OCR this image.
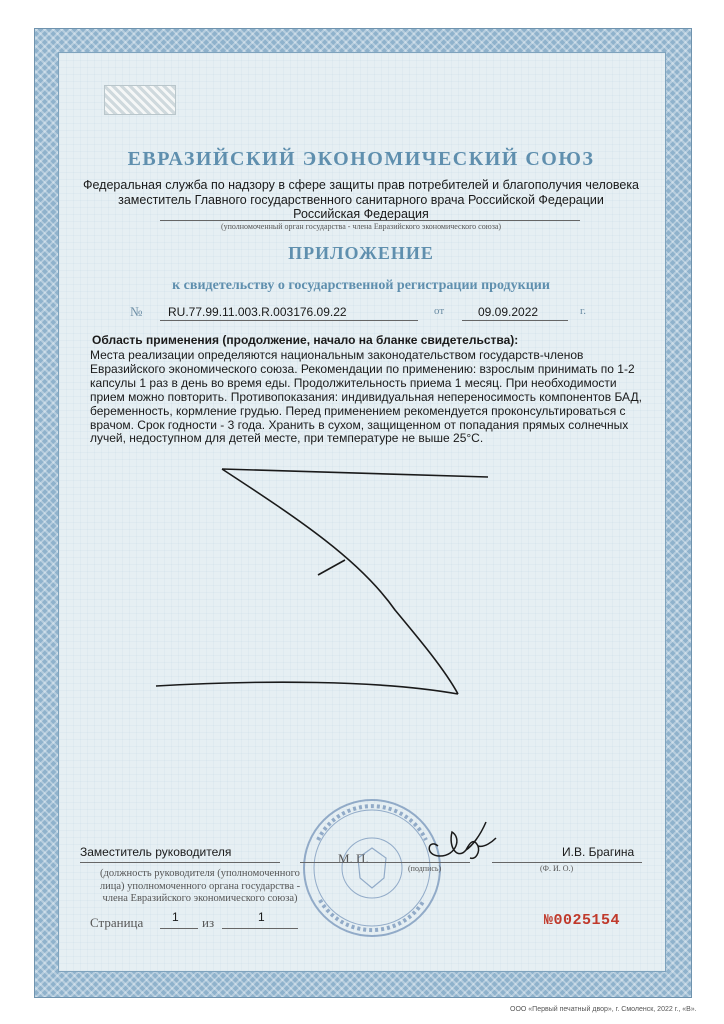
ЕВРАЗИЙСКИЙ ЭКОНОМИЧЕСКИЙ СОЮЗ
Федеральная служба по надзору в сфере защиты прав потребителей и благополучия человека
заместитель Главного государственного санитарного врача Российской Федерации
Российская Федерация
(уполномоченный орган государства - члена Евразийского экономического союза)
ПРИЛОЖЕНИЕ
к свидетельству о государственной регистрации продукции
№ RU.77.99.11.003.R.003176.09.22	от	09.09.2022	г.
Область применения (продолжение, начало на бланке свидетельства):
Места реализации определяются национальным законодательством государств-членов
Евразийского экономического союза. Рекомендации по применению: взрослым принимать по 1-2
капсулы 1 раз в день во время еды. Продолжительность приема 1 месяц. При необходимости
прием можно повторить. Противопоказания: индивидуальная непереносимость компонентов БАД,
беременность, кормление грудью. Перед применением рекомендуется проконсультироваться с
врачом. Срок годности - 3 года. Хранить в сухом, защищенном от попадания прямых солнечных
лучей, недоступном для детей месте, при температуре не выше 25°С.
Заместитель руководителя	М. П.
(подпись)
И.В. Брагина
(Ф. И. О.)
(должность руководителя (уполномоченного
лица) уполномоченного органа государства -
члена Евразийского экономического союза)
Страница 1 из	1	№0025154
ООО «Первый печатный двор», г. Смоленск, 2022 г., «В».
